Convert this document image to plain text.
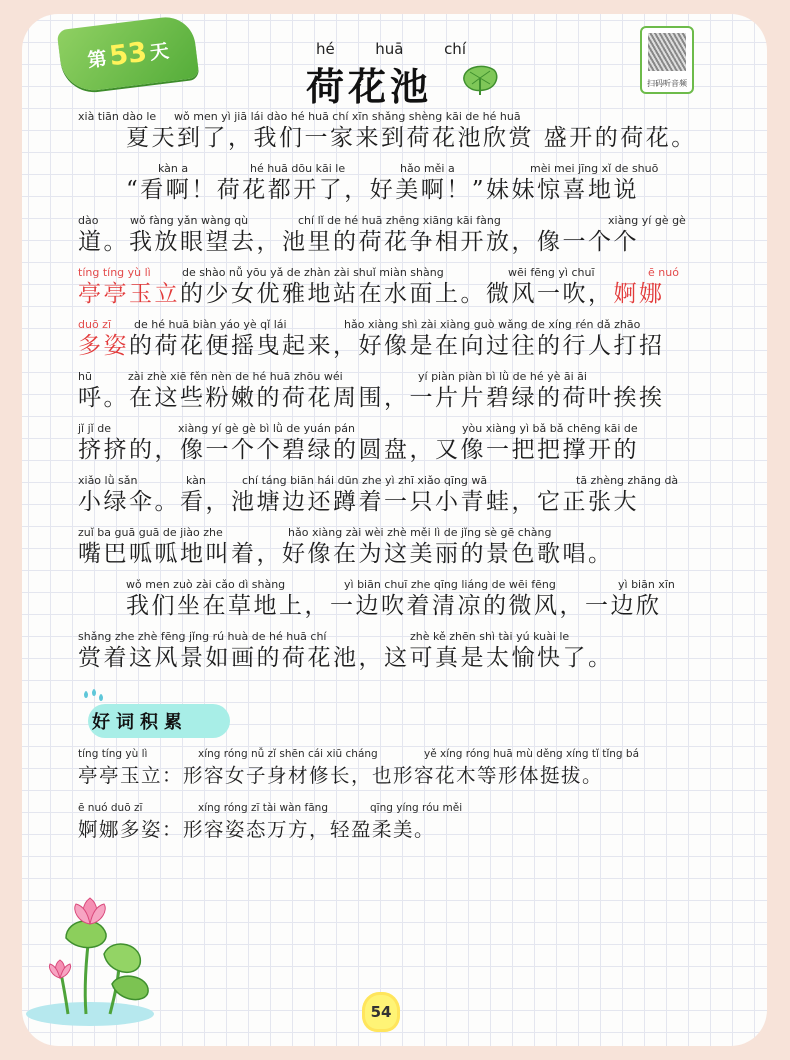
第 53 天	hé	huā	chí
荷花池	扫码听音频
xià tiān dào le wǒ men yì jiā lái dào hé huā chí xīn shǎng shèng kāi de hé huā
夏天到了，我们一家来到荷花池欣赏 盛开的荷花。
kàn a	hé huā dōu kāi le	hǎo měi a	mèi mei jīng xǐ de shuō
“看啊！荷花都开了，好美啊！”妹妹惊喜地说
dào	wǒ fàng yǎn wàng qù	chí lǐ de hé huā zhēng xiāng kāi fàng	xiàng yí gè gè
道。我放眼望去，池里的荷花争相开放，像一个个
tíng tíng yù lì	de shào nǚ yōu yǎ de zhàn zài shuǐ miàn shàng	wēi fēng yì chuī	ē nuó
亭亭玉立的少女优雅地站在水面上。微风一吹，婀娜
duō zī de hé huā biàn yáo yè qǐ lái	hǎo xiàng shì zài xiàng guò wǎng de xíng rén dǎ zhāo
多姿的荷花便摇曳起来，好像是在向过往的行人打招
hū	zài zhè xiē fěn nèn de hé huā zhōu wéi	yí piàn piàn bì lǜ de hé yè āi āi
呼。在这些粉嫩的荷花周围，一片片碧绿的荷叶挨挨
jǐ jǐ de	xiàng yí gè gè bì lǜ de yuán pán	yòu xiàng yì bǎ bǎ chēng kāi de
挤挤的，像一个个碧绿的圆盘，又像一把把撑开的
xiǎo lǜ sǎn	kàn	chí táng biān hái dūn zhe yì zhī xiǎo qīng wā	tā zhèng zhāng dà
小绿伞。看，池塘边还蹲着一只小青蛙，它正张大
zuǐ ba guā guā de jiào zhe	hǎo xiàng zài wèi zhè měi lì de jǐng sè gē chàng
嘴巴呱呱地叫着，好像在为这美丽的景色歌唱。
wǒ men zuò zài cǎo dì shàng	yì biān chuī zhe qīng liáng de wēi fēng	yì biān xīn
我们坐在草地上，一边吹着清凉的微风，一边欣
shǎng zhe zhè fēng jǐng rú huà de hé huā chí	zhè kě zhēn shì tài yú kuài le
赏着这风景如画的荷花池，这可真是太愉快了。
好词积累
tíng tíng yù lì	xíng róng nǚ zǐ shēn cái xiū cháng	yě xíng róng huā mù děng xíng tǐ tǐng bá
亭亭玉立：形容女子身材修长，也形容花木等形体挺拔。
ē nuó duō zī	xíng róng zī tài wàn fāng	qīng yíng róu měi
婀娜多姿：形容姿态万方，轻盈柔美。
54
